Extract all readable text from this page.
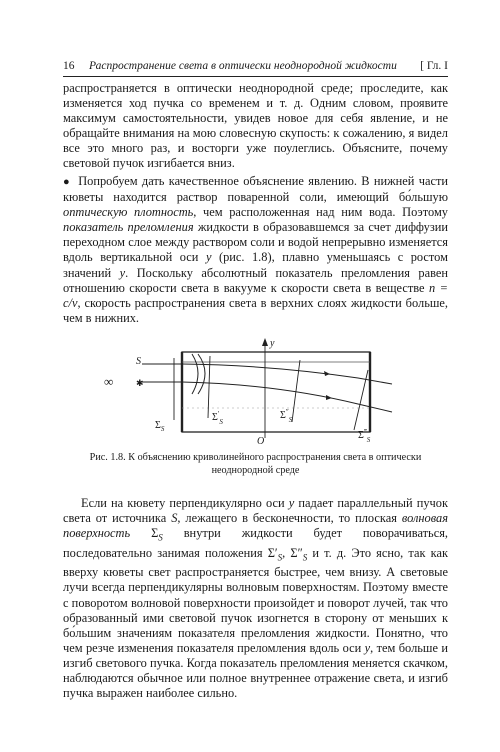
16	Распространение света в оптически неоднородной жидкости	[ Гл. I

распространяется в оптически неоднородной среде; проследите, как изменяется ход пучка со временем и т. д. Одним словом, проявите максимум самостоятельности, увидев новое для себя явление, и не обращайте внимания на мою словесную скупость: к сожалению, я видел все это много раз, и восторги уже поулеглись. Объясните, почему световой пучок изгибается вниз.

● Попробуем дать качественное объяснение явлению. В нижней части кюветы находится раствор поваренной соли, имеющий бо́льшую оптическую плотность, чем расположенная над ним вода. Поэтому показатель преломления жидкости в образовавшемся за счет диффузии переходном слое между раствором соли и водой непрерывно изменяется вдоль вертикальной оси y (рис. 1.8), плавно уменьшаясь с ростом значений y. Поскольку абсолютный показатель преломления равен отношению скорости света в вакууме к скорости света в веществе n = c/v, скорость распространения света в верхних слоях жидкости больше, чем в нижних.

S
∞	✱
y
O
$\Sigma_S$
$\Sigma'_S$
$\Sigma''_S$
$\Sigma^‴_S$
Рис. 1.8. К объяснению криволинейного распространения света в оптически неоднородной среде

Если на кювету перпендикулярно оси y падает параллельный пучок света от источника S, лежащего в бесконечности, то плоская волновая поверхность $\Sigma_S$ внутри жидкости будет поворачиваться, последовательно занимая положения $\Sigma'_S$, $\Sigma''_S$ и т. д. Это ясно, так как вверху кюветы свет распространяется быстрее, чем внизу. А световые лучи всегда перпендикулярны волновым поверхностям. Поэтому вместе с поворотом волновой поверхности произойдет и поворот лучей, так что образованный ими световой пучок изогнется в сторону от меньших к бо́льшим значениям показателя преломления жидкости. Понятно, что чем резче изменения показателя преломления вдоль оси y, тем больше и изгиб светового пучка. Когда показатель преломления меняется скачком, наблюдаются обычное или полное внутреннее отражение света, и изгиб пучка выражен наиболее сильно.
